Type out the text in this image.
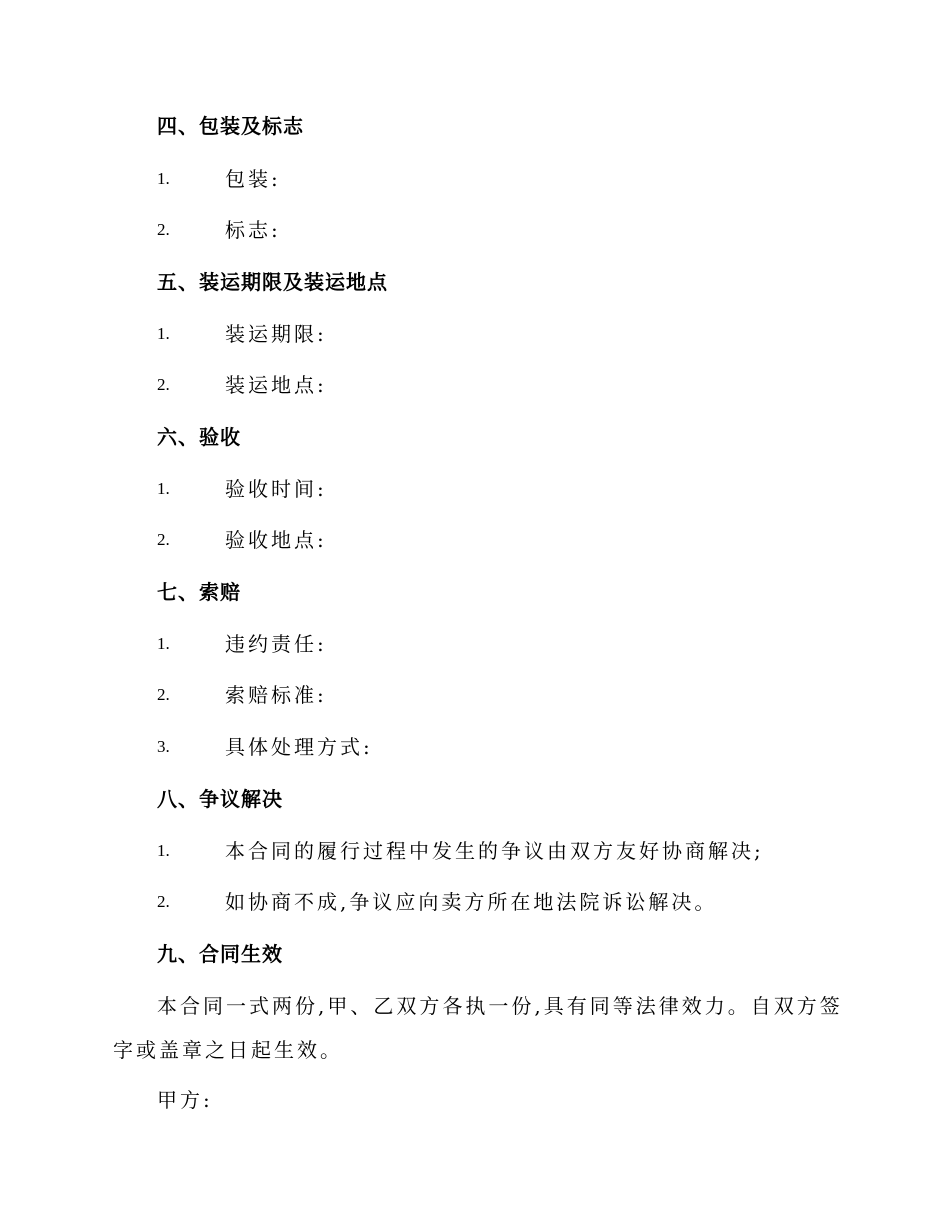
四、包装及标志
1.	包装:
2.	标志:
五、装运期限及装运地点
1.	装运期限:
2.	装运地点:
六、验收
1.	验收时间:
2.	验收地点:
七、索赔
1.	违约责任:
2.	索赔标准:
3.	具体处理方式:
八、争议解决
1.	本合同的履行过程中发生的争议由双方友好协商解决;
2.	如协商不成,争议应向卖方所在地法院诉讼解决。
九、合同生效
本合同一式两份,甲、乙双方各执一份,具有同等法律效力。自双方签
字或盖章之日起生效。
甲方:
